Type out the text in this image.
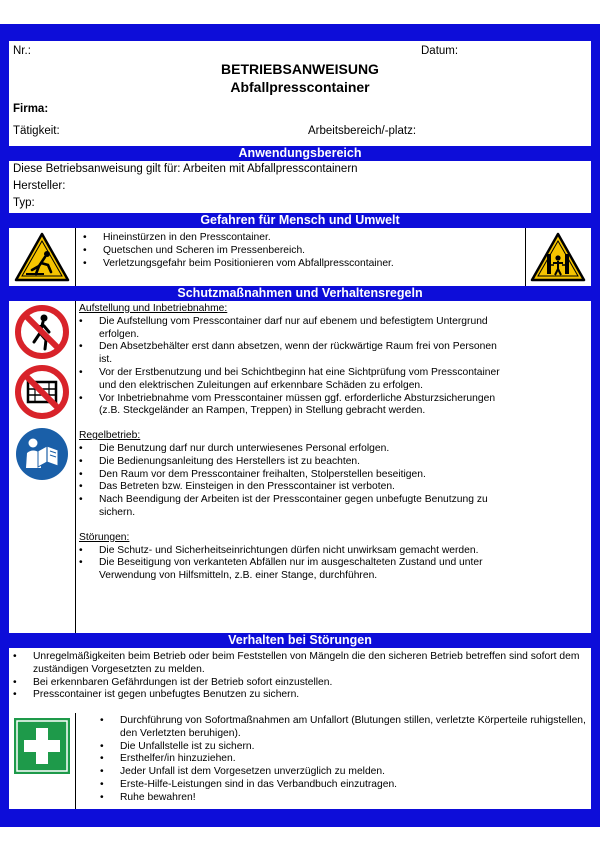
Nr.:	Datum:
BETRIEBSANWEISUNG
Abfallpresscontainer
Firma:
Tätigkeit:	Arbeitsbereich/-platz:
Anwendungsbereich
Diese Betriebsanweisung gilt für: Arbeiten mit Abfallpresscontainern
Hersteller:
Typ:
Gefahren für Mensch und Umwelt
• Hineinstürzen in den Presscontainer.
• Quetschen und Scheren im Pressenbereich.
• Verletzungsgefahr beim Positionieren vom Abfallpresscontainer.
Schutzmaßnahmen und Verhaltensregeln
Aufstellung und Inbetriebnahme:
• Die Aufstellung vom Presscontainer darf nur auf ebenem und befestigtem Untergrund erfolgen.
• Den Absetzbehälter erst dann absetzen, wenn der rückwärtige Raum frei von Personen ist.
• Vor der Erstbenutzung und bei Schichtbeginn hat eine Sichtprüfung vom Presscontainer und den elektrischen Zuleitungen auf erkennbare Schäden zu erfolgen.
• Vor Inbetriebnahme vom Presscontainer müssen ggf. erforderliche Absturzsicherungen (z.B. Steckgeländer an Rampen, Treppen) in Stellung gebracht werden.
Regelbetrieb:
• Die Benutzung darf nur durch unterwiesenes Personal erfolgen.
• Die Bedienungsanleitung des Herstellers ist zu beachten.
• Den Raum vor dem Presscontainer freihalten, Stolperstellen beseitigen.
• Das Betreten bzw. Einsteigen in den Presscontainer ist verboten.
• Nach Beendigung der Arbeiten ist der Presscontainer gegen unbefugte Benutzung zu sichern.
Störungen:
• Die Schutz- und Sicherheitseinrichtungen dürfen nicht unwirksam gemacht werden.
• Die Beseitigung von verkanteten Abfällen nur im ausgeschalteten Zustand und unter Verwendung von Hilfsmitteln, z.B. einer Stange, durchführen.
Verhalten bei Störungen
• Unregelmäßigkeiten beim Betrieb oder beim Feststellen von Mängeln die den sicheren Betrieb betreffen sind sofort dem zuständigen Vorgesetzten zu melden.
• Bei erkennbaren Gefährdungen ist der Betrieb sofort einzustellen.
• Presscontainer ist gegen unbefugtes Benutzen zu sichern.
Verhalten bei Unfällen	Notruf 112	Ersthelfer/in
• Durchführung von Sofortmaßnahmen am Unfallort (Blutungen stillen, verletzte Körperteile ruhigstellen, den Verletzten beruhigen).
• Die Unfallstelle ist zu sichern.
• Ersthelfer/in hinzuziehen.
• Jeder Unfall ist dem Vorgesetzen unverzüglich zu melden.
• Erste-Hilfe-Leistungen sind in das Verbandbuch einzutragen.
• Ruhe bewahren!
